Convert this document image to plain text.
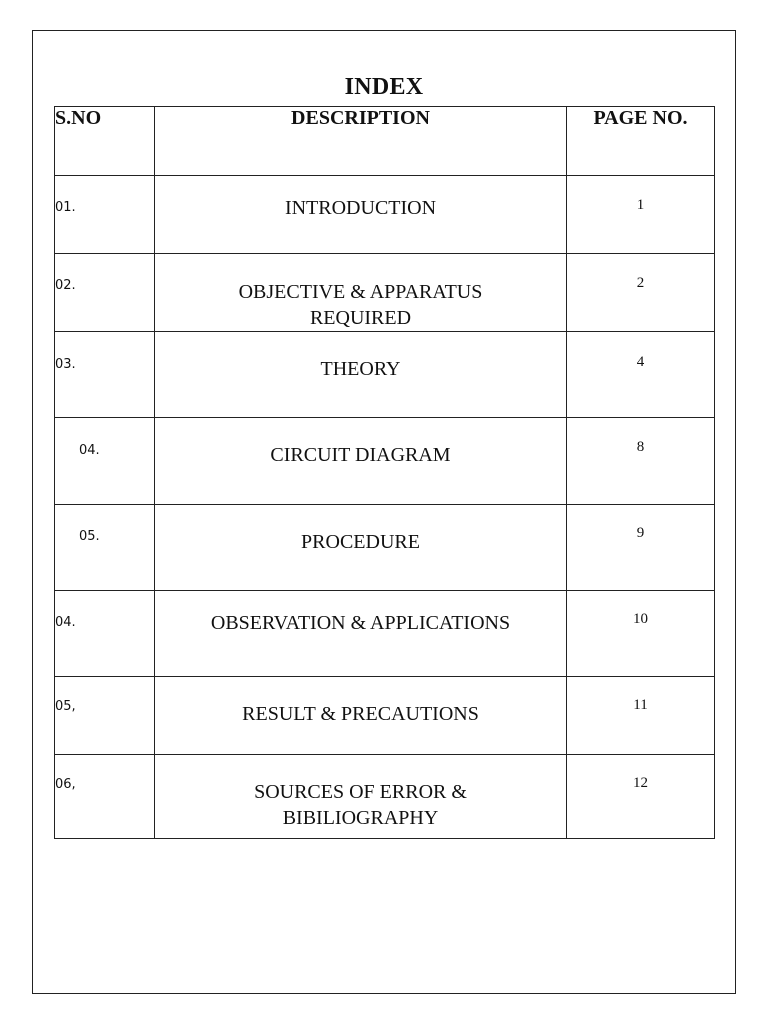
INDEX
S.NO	DESCRIPTION	PAGE NO.
01.	INTRODUCTION	1
02.	OBJECTIVE & APPARATUS REQUIRED	2
03.	THEORY	4
04.	CIRCUIT DIAGRAM	8
05.	PROCEDURE	9
04.	OBSERVATION & APPLICATIONS	10
05,	RESULT & PRECAUTIONS	11
06,	SOURCES OF ERROR & BIBILIOGRAPHY	12
